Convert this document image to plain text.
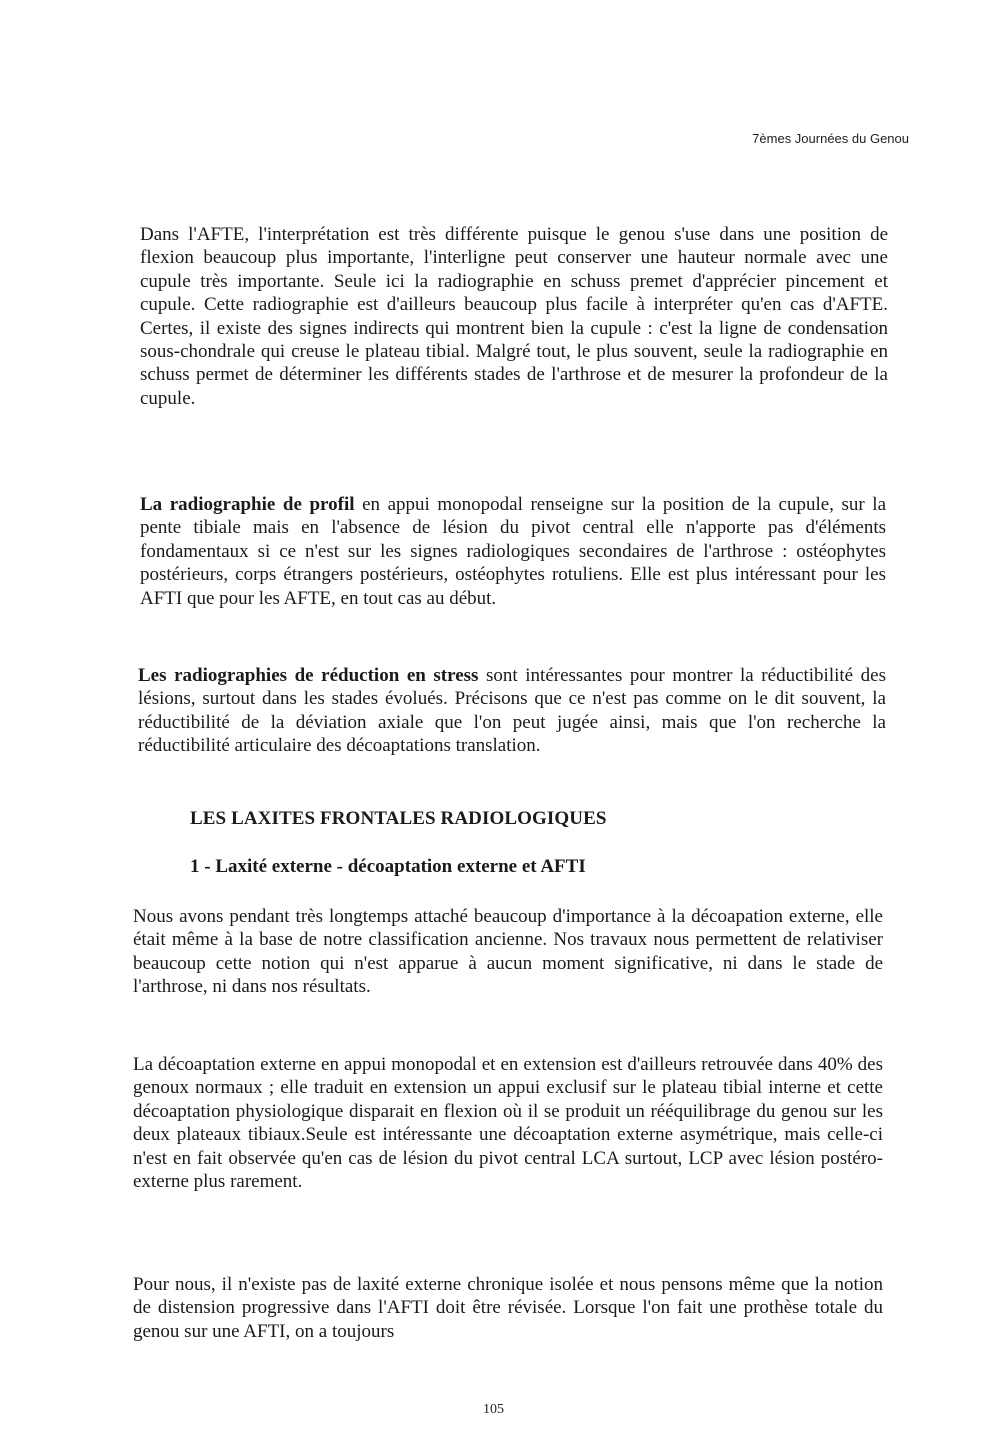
7èmes Journées du Genou

Dans l'AFTE, l'interprétation est très différente puisque le genou s'use dans une position de flexion beaucoup plus importante, l'interligne peut conserver une hauteur normale avec une cupule très importante. Seule ici la radiographie en schuss premet d'apprécier pincement et cupule. Cette radiographie est d'ailleurs beaucoup plus facile à interpréter qu'en cas d'AFTE. Certes, il existe des signes indirects qui montrent bien la cupule : c'est la ligne de condensation sous-chondrale qui creuse le plateau tibial. Malgré tout, le plus souvent, seule la radiographie en schuss permet de déterminer les différents stades de l'arthrose et de mesurer la profondeur de la cupule.

La radiographie de profil en appui monopodal renseigne sur la position de la cupule, sur la pente tibiale mais en l'absence de lésion du pivot central elle n'apporte pas d'éléments fondamentaux si ce n'est sur les signes radiologiques secondaires de l'arthrose : ostéophytes postérieurs, corps étrangers postérieurs, ostéophytes rotuliens. Elle est plus intéressant pour les AFTI que pour les AFTE, en tout cas au début.

Les radiographies de réduction en stress sont intéressantes pour montrer la réductibilité des lésions, surtout dans les stades évolués. Précisons que ce n'est pas comme on le dit souvent, la réductibilité de la déviation axiale que l'on peut jugée ainsi, mais que l'on recherche la réductibilité articulaire des décoaptations translation.

LES LAXITES FRONTALES RADIOLOGIQUES
1 - Laxité externe - décoaptation externe et AFTI

Nous avons pendant très longtemps attaché beaucoup d'importance à la décoapation externe, elle était même à la base de notre classification ancienne. Nos travaux nous permettent de relativiser beaucoup cette notion qui n'est apparue à aucun moment significative, ni dans le stade de l'arthrose, ni dans nos résultats.

La décoaptation externe en appui monopodal et en extension est d'ailleurs retrouvée dans 40% des genoux normaux ; elle traduit en extension un appui exclusif sur le plateau tibial interne et cette décoaptation physiologique disparait en flexion où il se produit un rééquilibrage du genou sur les deux plateaux tibiaux.Seule est intéressante une décoaptation externe asymétrique, mais celle-ci n'est en fait observée qu'en cas de lésion du pivot central LCA surtout, LCP avec lésion postéro-externe plus rarement.

Pour nous, il n'existe pas de laxité externe chronique isolée et nous pensons même que la notion de distension progressive dans l'AFTI doit être révisée. Lorsque l'on fait une prothèse totale du genou sur une AFTI, on a toujours

105
